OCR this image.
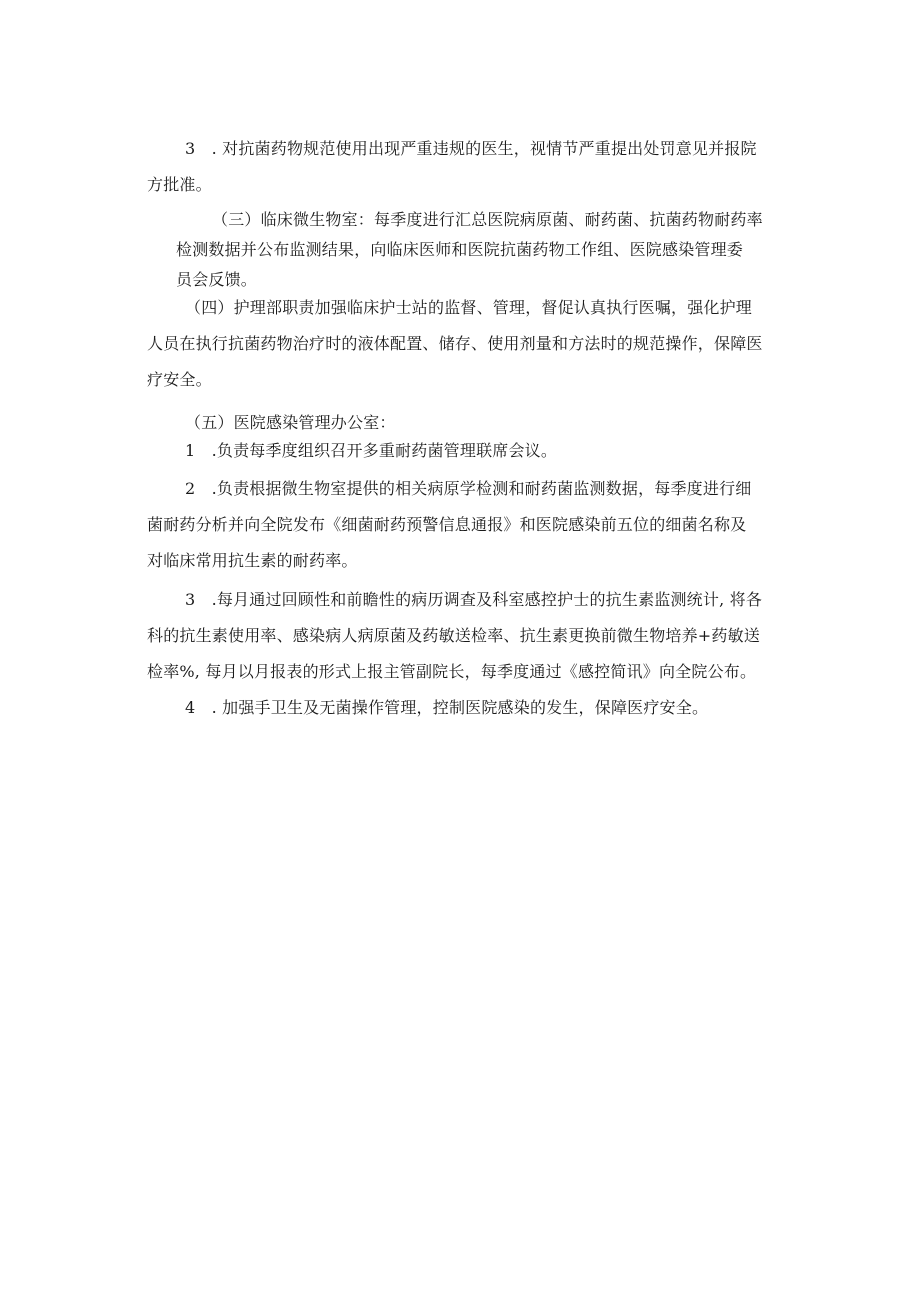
3 . 对抗菌药物规范使用出现严重违规的医生，视情节严重提出处罚意见并报院
方批准。

（三）临床微生物室：每季度进行汇总医院病原菌、耐药菌、抗菌药物耐药率
检测数据并公布监测结果，向临床医师和医院抗菌药物工作组、医院感染管理委
员会反馈。

（四）护理部职责加强临床护士站的监督、管理，督促认真执行医嘱，强化护理
人员在执行抗菌药物治疗时的液体配置、储存、使用剂量和方法时的规范操作，保障医
疗安全。

（五）医院感染管理办公室：

1 .负责每季度组织召开多重耐药菌管理联席会议。

2 .负责根据微生物室提供的相关病原学检测和耐药菌监测数据，每季度进行细
菌耐药分析并向全院发布《细菌耐药预警信息通报》和医院感染前五位的细菌名称及
对临床常用抗生素的耐药率。

3 .每月通过回顾性和前瞻性的病历调查及科室感控护士的抗生素监测统计, 将各
科的抗生素使用率、感染病人病原菌及药敏送检率、抗生素更换前微生物培养+药敏送
检率%, 每月以月报表的形式上报主管副院长，每季度通过《感控简讯》向全院公布。

4 . 加强手卫生及无菌操作管理，控制医院感染的发生，保障医疗安全。
